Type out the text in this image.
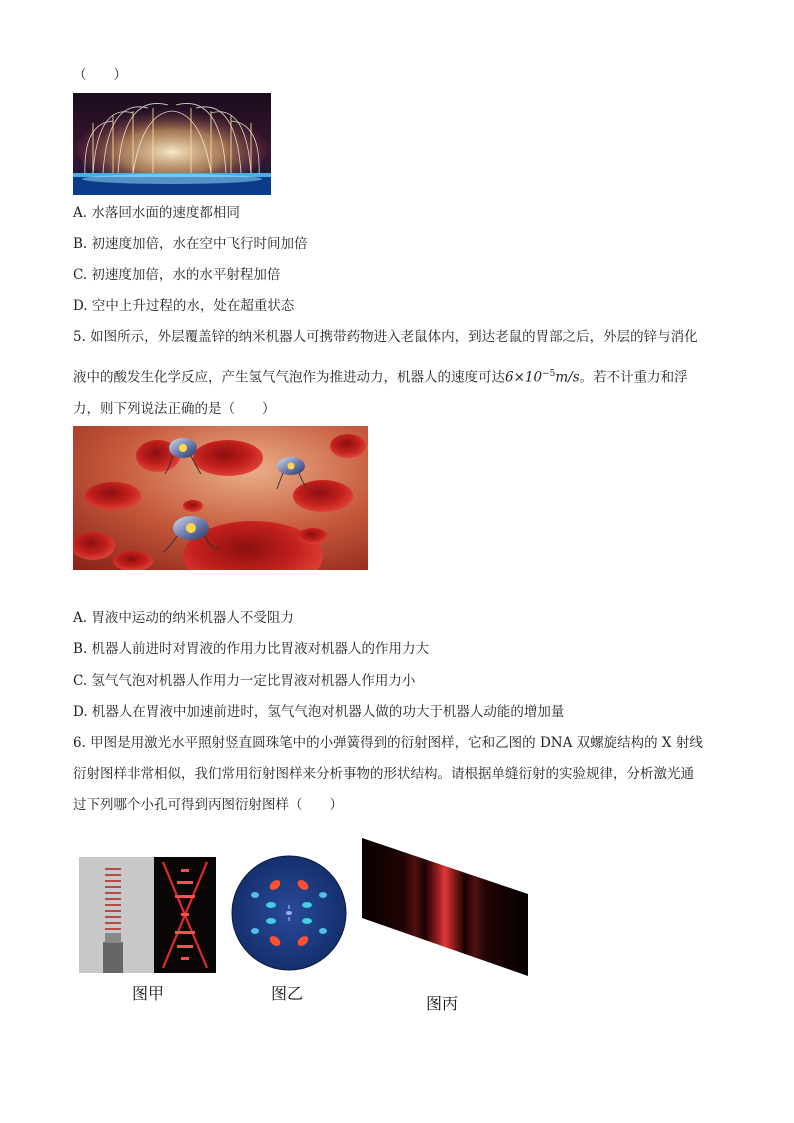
（　　）
A. 水落回水面的速度都相同
B. 初速度加倍，水在空中飞行时间加倍
C. 初速度加倍，水的水平射程加倍
D. 空中上升过程的水，处在超重状态
5. 如图所示，外层覆盖锌的纳米机器人可携带药物进入老鼠体内，到达老鼠的胃部之后，外层的锌与消化
液中的酸发生化学反应，产生氢气气泡作为推进动力，机器人的速度可达$6\times 10^{-5}m/s$。若不计重力和浮
力，则下列说法正确的是（　　）
A. 胃液中运动的纳米机器人不受阻力
B. 机器人前进时对胃液的作用力比胃液对机器人的作用力大
C. 氢气气泡对机器人作用力一定比胃液对机器人作用力小
D. 机器人在胃液中加速前进时，氢气气泡对机器人做的功大于机器人动能的增加量
6. 甲图是用激光水平照射竖直圆珠笔中的小弹簧得到的衍射图样，它和乙图的 DNA 双螺旋结构的 X 射线
衍射图样非常相似，我们常用衍射图样来分析事物的形状结构。请根据单缝衍射的实验规律，分析激光通
过下列哪个小孔可得到丙图衍射图样（　　）
图甲	图乙
图丙
